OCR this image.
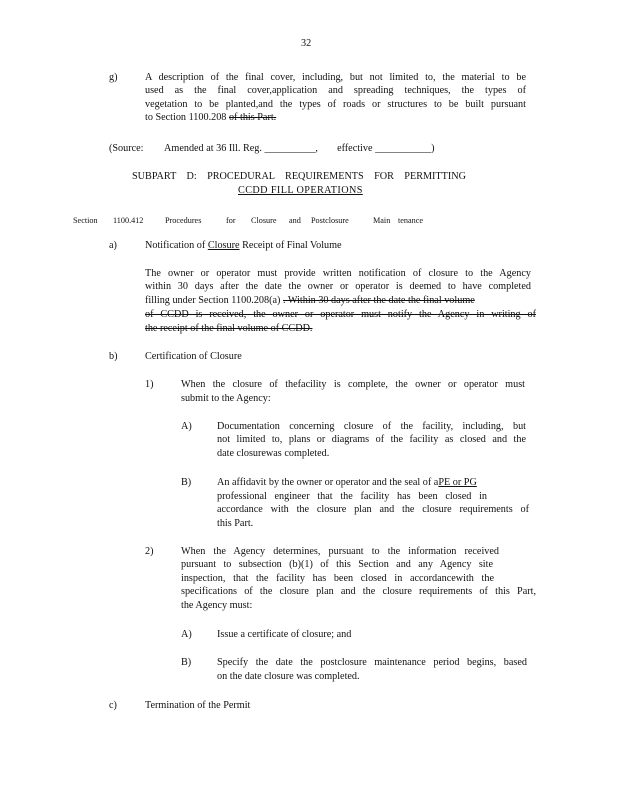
32
g)	A description of the final cover, including, but not limited to, the material to be
used as the final cover,application and spreading techniques, the types of
vegetation to be planted,and the types of roads or structures to be built pursuant
to Section 1100.208 of this Part.
(Source: Amended at 36 Ill. Reg. __________, effective ___________)
SUBPART D: PROCEDURAL REQUIREMENTS FOR PERMITTING
CCDD FILL OPERATIONS
Section 1100.412	Procedures	for Closure and Postclosure	Main tenance
a)	Notification of Closure Receipt of Final Volume
The owner or operator must provide written notification of closure to the Agency
within 30 days after the date the owner or operator is deemed to have completed
filling under Section 1100.208(a) . Within 30 days after the date the final volume
of CCDD is received, the owner or operator must notify the Agency in writing of
the receipt of the final volume of CCDD.
b)	Certification of Closure
1)	When the closure of thefacility is complete, the owner or operator must
submit to the Agency:
A) Documentation concerning closure of the facility, including, but
not limited to, plans or diagrams of the facility as closed and the
date closurewas completed.
B)	An affidavit by the owner or operator and the seal of aPE or PG
professional engineer that the facility has been closed in
accordance with the closure plan and the closure requirements of
this Part.
2)	When the Agency determines, pursuant to the information received
pursuant to subsection (b)(1) of this Section and any Agency site
inspection, that the facility has been closed in accordancewith the
specifications of the closure plan and the closure requirements of this Part,
the Agency must:
A) Issue a certificate of closure; and
B)	Specify the date the postclosure maintenance period begins, based
on the date closure was completed.
c)	Termination of the Permit
